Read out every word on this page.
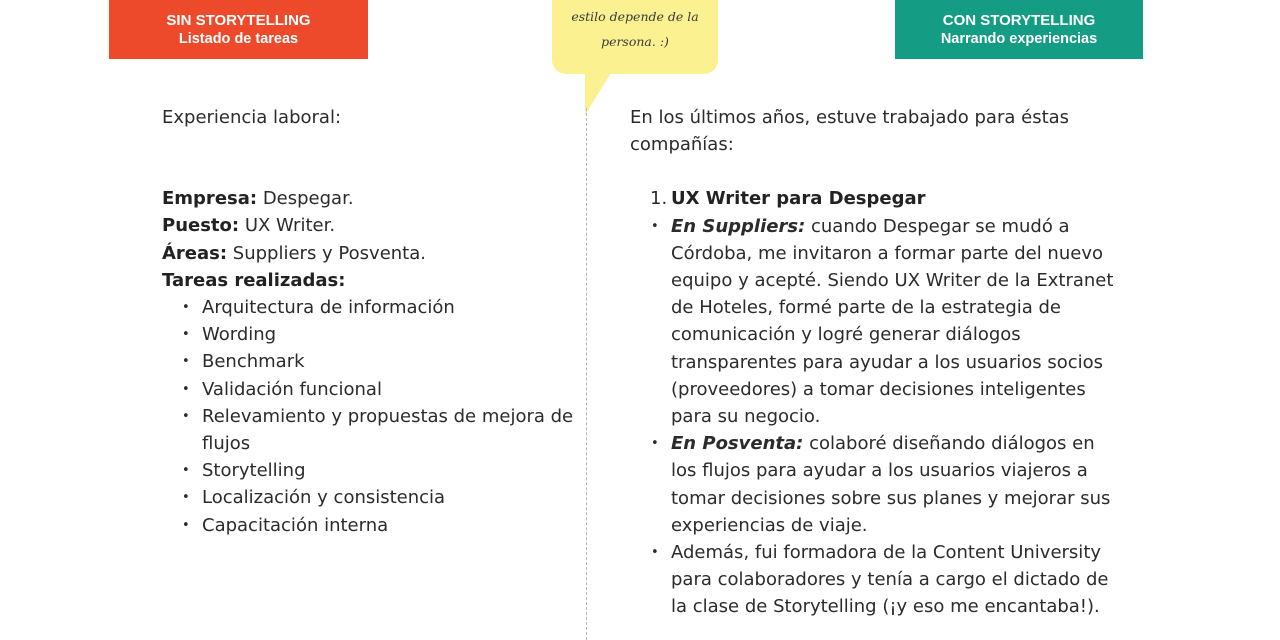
SIN STORYTELLING
Listado de tareas
estilo depende de la
persona. :)
CON STORYTELLING
Narrando experiencias

Experiencia laboral:

Empresa: Despegar.

Puesto: UX Writer.

Áreas: Suppliers y Posventa.

Tareas realizadas:

• Arquitectura de información
• Wording
• Benchmark
• Validación funcional
• Relevamiento y propuestas de mejora de flujos
• Storytelling
• Localización y consistencia
• Capacitación interna

En los últimos años, estuve trabajado para éstas compañías:

1. UX Writer para Despegar
• En Suppliers: cuando Despegar se mudó a Córdoba, me invitaron a formar parte del nuevo equipo y acepté. Siendo UX Writer de la Extranet de Hoteles, formé parte de la estrategia de comunicación y logré generar diálogos transparentes para ayudar a los usuarios socios (proveedores) a tomar decisiones inteligentes para su negocio.
• En Posventa: colaboré diseñando diálogos en los flujos para ayudar a los usuarios viajeros a tomar decisiones sobre sus planes y mejorar sus experiencias de viaje.
• Además, fui formadora de la Content University para colaboradores y tenía a cargo el dictado de la clase de Storytelling (¡y eso me encantaba!).
